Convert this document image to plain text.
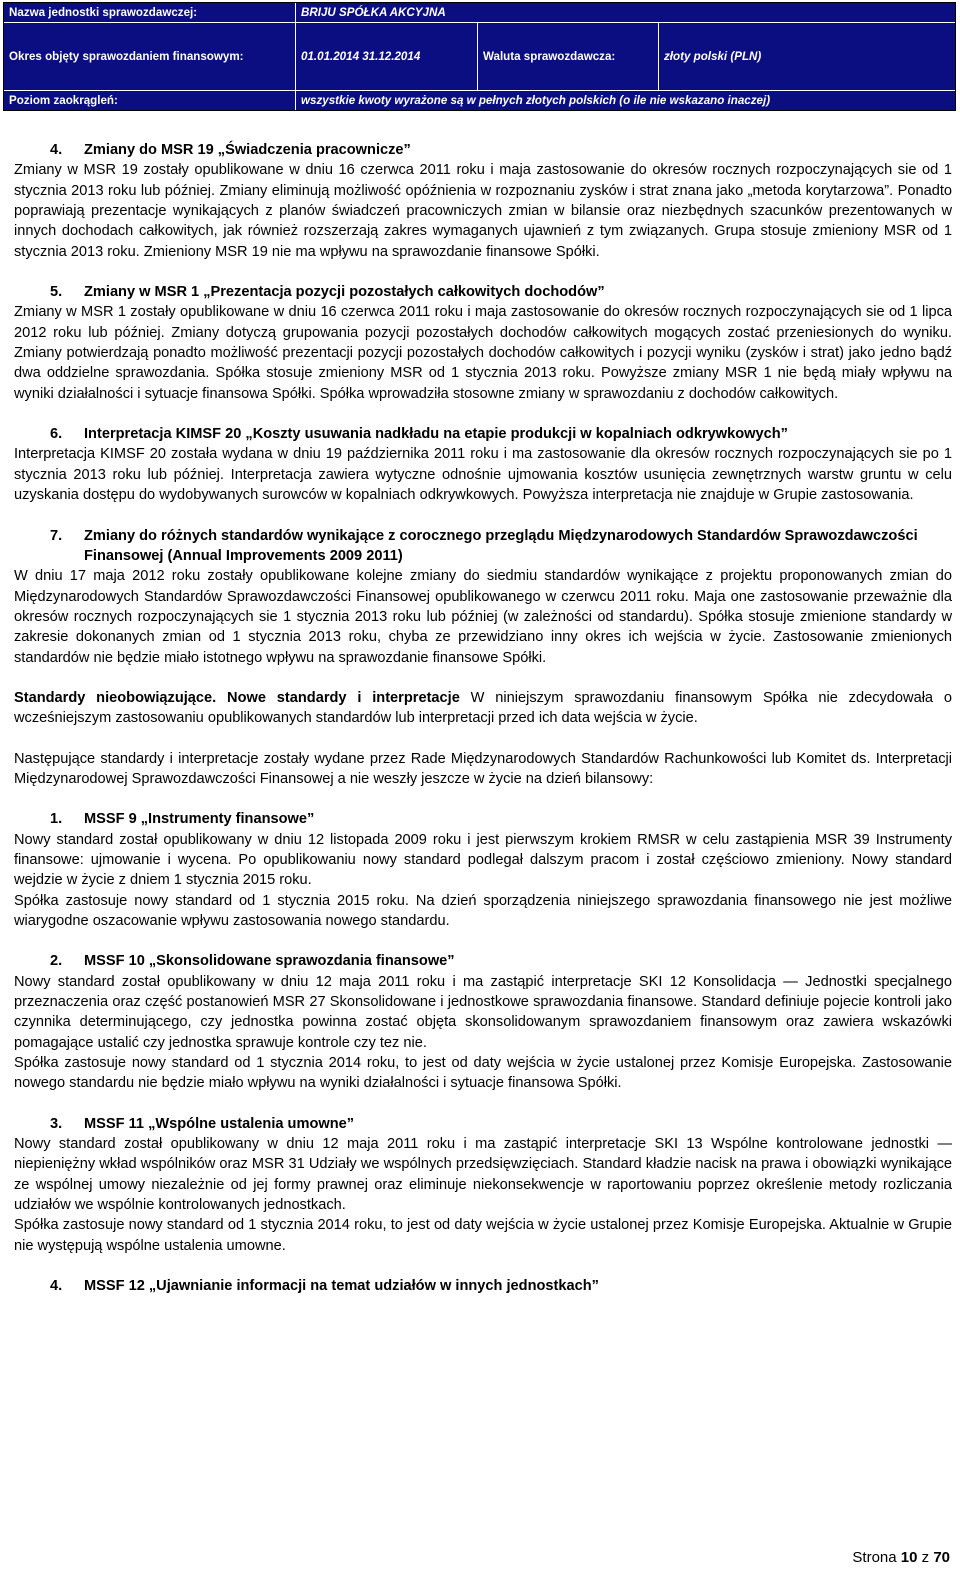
Nazwa jednostki sprawozdawczej:	BRIJU SPÓŁKA AKCYJNA
Okres objęty sprawozdaniem finansowym:	01.01.2014 31.12.2014	Waluta sprawozdawcza:	złoty polski (PLN)
Poziom zaokrągleń:	wszystkie kwoty wyrażone są w pełnych złotych polskich (o ile nie wskazano inaczej)
4.	Zmiany do MSR 19 „Świadczenia pracownicze”

Zmiany w MSR 19 zostały opublikowane w dniu 16 czerwca 2011 roku i maja zastosowanie do okresów rocznych rozpoczynających sie od 1 stycznia 2013 roku lub później. Zmiany eliminują możliwość opóźnienia w rozpoznaniu zysków i strat znana jako „metoda korytarzowa”. Ponadto poprawiają prezentacje wynikających z planów świadczeń pracowniczych zmian w bilansie oraz niezbędnych szacunków prezentowanych w innych dochodach całkowitych, jak również rozszerzają zakres wymaganych ujawnień z tym związanych. Grupa stosuje zmieniony MSR od 1 stycznia 2013 roku. Zmieniony MSR 19 nie ma wpływu na sprawozdanie finansowe Spółki.

5.	Zmiany w MSR 1 „Prezentacja pozycji pozostałych całkowitych dochodów”

Zmiany w MSR 1 zostały opublikowane w dniu 16 czerwca 2011 roku i maja zastosowanie do okresów rocznych rozpoczynających sie od 1 lipca 2012 roku lub później. Zmiany dotyczą grupowania pozycji pozostałych dochodów całkowitych mogących zostać przeniesionych do wyniku. Zmiany potwierdzają ponadto możliwość prezentacji pozycji pozostałych dochodów całkowitych i pozycji wyniku (zysków i strat) jako jedno bądź dwa oddzielne sprawozdania. Spółka stosuje zmieniony MSR od 1 stycznia 2013 roku. Powyższe zmiany MSR 1 nie będą miały wpływu na wyniki działalności i sytuacje finansowa Spółki. Spółka wprowadziła stosowne zmiany w sprawozdaniu z dochodów całkowitych.

6.	Interpretacja KIMSF 20 „Koszty usuwania nadkładu na etapie produkcji w kopalniach odkrywkowych”

Interpretacja KIMSF 20 została wydana w dniu 19 października 2011 roku i ma zastosowanie dla okresów rocznych rozpoczynających sie po 1 stycznia 2013 roku lub później. Interpretacja zawiera wytyczne odnośnie ujmowania kosztów usunięcia zewnętrznych warstw gruntu w celu uzyskania dostępu do wydobywanych surowców w kopalniach odkrywkowych. Powyższa interpretacja nie znajduje w Grupie zastosowania.

7.	Zmiany do różnych standardów wynikające z corocznego przeglądu Międzynarodowych Standardów Sprawozdawczości Finansowej (Annual Improvements 2009 2011)

W dniu 17 maja 2012 roku zostały opublikowane kolejne zmiany do siedmiu standardów wynikające z projektu proponowanych zmian do Międzynarodowych Standardów Sprawozdawczości Finansowej opublikowanego w czerwcu 2011 roku. Maja one zastosowanie przeważnie dla okresów rocznych rozpoczynających sie 1 stycznia 2013 roku lub później (w zależności od standardu). Spółka stosuje zmienione standardy w zakresie dokonanych zmian od 1 stycznia 2013 roku, chyba ze przewidziano inny okres ich wejścia w życie. Zastosowanie zmienionych standardów nie będzie miało istotnego wpływu na sprawozdanie finansowe Spółki.

Standardy nieobowiązujące. Nowe standardy i interpretacje W niniejszym sprawozdaniu finansowym Spółka nie zdecydowała o wcześniejszym zastosowaniu opublikowanych standardów lub interpretacji przed ich data wejścia w życie.

Następujące standardy i interpretacje zostały wydane przez Rade Międzynarodowych Standardów Rachunkowości lub Komitet ds. Interpretacji Międzynarodowej Sprawozdawczości Finansowej a nie weszły jeszcze w życie na dzień bilansowy:

1.	MSSF 9 „Instrumenty finansowe”

Nowy standard został opublikowany w dniu 12 listopada 2009 roku i jest pierwszym krokiem RMSR w celu zastąpienia MSR 39 Instrumenty finansowe: ujmowanie i wycena. Po opublikowaniu nowy standard podlegał dalszym pracom i został częściowo zmieniony. Nowy standard wejdzie w życie z dniem 1 stycznia 2015 roku.

Spółka zastosuje nowy standard od 1 stycznia 2015 roku. Na dzień sporządzenia niniejszego sprawozdania finansowego nie jest możliwe wiarygodne oszacowanie wpływu zastosowania nowego standardu.

2.	MSSF 10 „Skonsolidowane sprawozdania finansowe”

Nowy standard został opublikowany w dniu 12 maja 2011 roku i ma zastąpić interpretacje SKI 12 Konsolidacja — Jednostki specjalnego przeznaczenia oraz część postanowień MSR 27 Skonsolidowane i jednostkowe sprawozdania finansowe. Standard definiuje pojecie kontroli jako czynnika determinującego, czy jednostka powinna zostać objęta skonsolidowanym sprawozdaniem finansowym oraz zawiera wskazówki pomagające ustalić czy jednostka sprawuje kontrole czy tez nie.

Spółka zastosuje nowy standard od 1 stycznia 2014 roku, to jest od daty wejścia w życie ustalonej przez Komisje Europejska. Zastosowanie nowego standardu nie będzie miało wpływu na wyniki działalności i sytuacje finansowa Spółki.

3.	MSSF 11 „Wspólne ustalenia umowne”

Nowy standard został opublikowany w dniu 12 maja 2011 roku i ma zastąpić interpretacje SKI 13 Wspólne kontrolowane jednostki — niepieniężny wkład wspólników oraz MSR 31 Udziały we wspólnych przedsięwzięciach. Standard kładzie nacisk na prawa i obowiązki wynikające ze wspólnej umowy niezależnie od jej formy prawnej oraz eliminuje niekonsekwencje w raportowaniu poprzez określenie metody rozliczania udziałów we wspólnie kontrolowanych jednostkach.

Spółka zastosuje nowy standard od 1 stycznia 2014 roku, to jest od daty wejścia w życie ustalonej przez Komisje Europejska. Aktualnie w Grupie nie występują wspólne ustalenia umowne.

4.	MSSF 12 „Ujawnianie informacji na temat udziałów w innych jednostkach”
Strona 10 z 70
